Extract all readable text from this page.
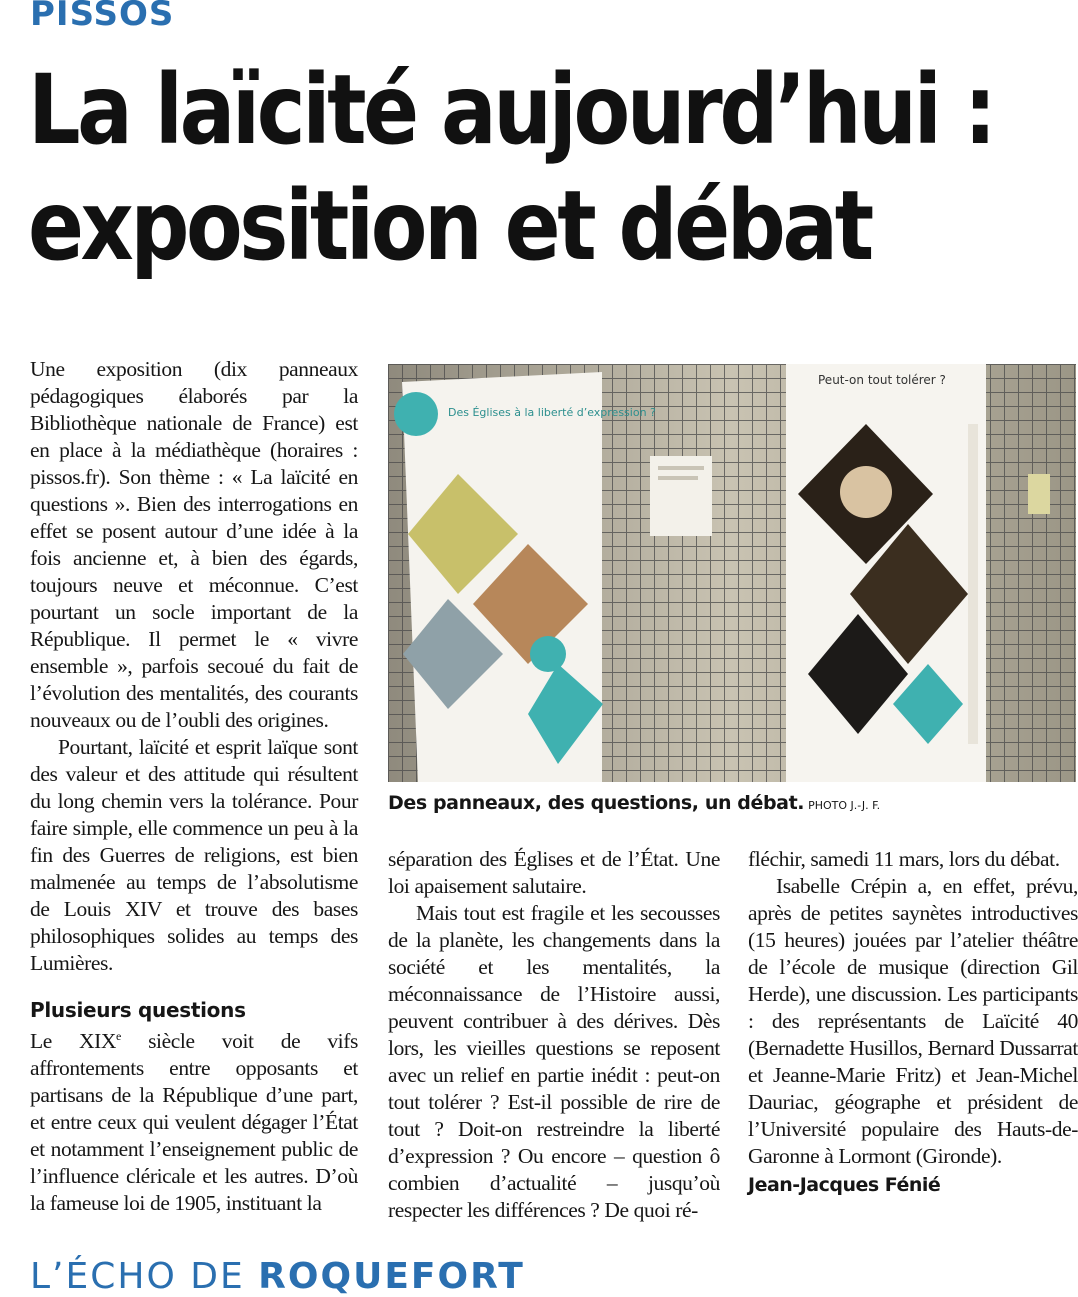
PISSOS
La laïcité aujourd’hui :
exposition et débat

Une exposition (dix panneaux pédagogiques élaborés par la Bibliothèque nationale de France) est en place à la médiathèque (horaires : pissos.fr). Son thème : « La laïcité en questions ». Bien des interrogations en effet se posent autour d’une idée à la fois ancienne et, à bien des égards, toujours neuve et méconnue. C’est pourtant un socle important de la République. Il permet le « vivre ensemble », parfois secoué du fait de l’évolution des mentalités, des courants nouveaux ou de l’oubli des origines.

Pourtant, laïcité et esprit laïque sont des valeur et des attitude qui résultent du long chemin vers la tolérance. Pour faire simple, elle commence un peu à la fin des Guerres de religions, est bien malmenée au temps de l’absolutisme de Louis XIV et trouve des bases philosophiques solides au temps des Lumières.

Plusieurs questions

Le XIXe siècle voit de vifs affrontements entre opposants et partisans de la République d’une part, et entre ceux qui veulent dégager l’État et notamment l’enseignement public de l’influence cléricale et les autres. D’où la fameuse loi de 1905, instituant la

Des Églises à la liberté d’expression ?
Peut-on tout tolérer ?
Des panneaux, des questions, un débat. PHOTO J.-J. F.

séparation des Églises et de l’État. Une loi apaisement salutaire.

Mais tout est fragile et les secousses de la planète, les changements dans la société et les mentalités, la méconnaissance de l’Histoire aussi, peuvent contribuer à des dérives. Dès lors, les vieilles questions se reposent avec un relief en partie inédit : peut-on tout tolérer ? Est-il possible de rire de tout ? Doit-on restreindre la liberté d’expression ? Ou encore – question ô combien d’actualité – jusqu’où respecter les différences ? De quoi ré-

fléchir, samedi 11 mars, lors du débat.

Isabelle Crépin a, en effet, prévu, après de petites saynètes introductives (15 heures) jouées par l’atelier théâtre de l’école de musique (direction Gil Herde), une discussion. Les participants : des représentants de Laïcité 40 (Bernadette Husillos, Bernard Dussarrat et Jeanne-Marie Fritz) et Jean-Michel Dauriac, géographe et président de l’Université populaire des Hauts-de-Garonne à Lormont (Gironde).

Jean-Jacques Fénié
L’ÉCHO DE ROQUEFORT
